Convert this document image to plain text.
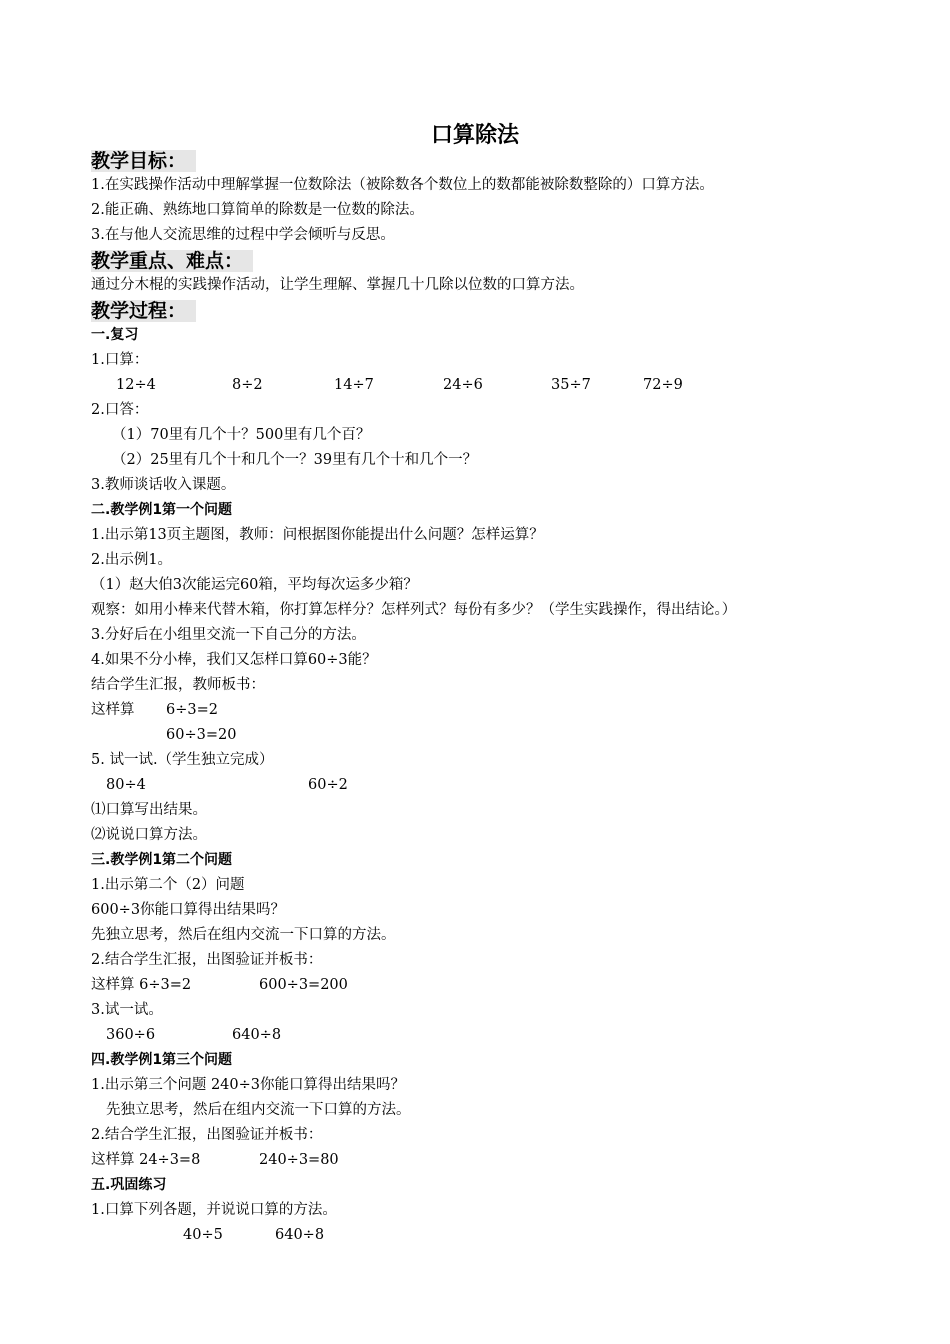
口算除法
教学目标：
1.在实践操作活动中理解掌握一位数除法（被除数各个数位上的数都能被除数整除的）口算方法。
2.能正确、熟练地口算简单的除数是一位数的除法。
3.在与他人交流思维的过程中学会倾听与反思。
教学重点、难点：
通过分木棍的实践操作活动，让学生理解、掌握几十几除以位数的口算方法。
教学过程：
一.复习
1.口算：
12÷4	8÷2	14÷7	24÷6	35÷7	72÷9
2.口答：
（1）70里有几个十？500里有几个百？
（2）25里有几个十和几个一？39里有几个十和几个一？
3.教师谈话收入课题。
二.教学例1第一个问题
1.出示第13页主题图，教师：问根据图你能提出什么问题？怎样运算？
2.出示例1。
（1）赵大伯3次能运完60箱，平均每次运多少箱？
观察：如用小棒来代替木箱，你打算怎样分？怎样列式？每份有多少？（学生实践操作，得出结论。）
3.分好后在小组里交流一下自己分的方法。
4.如果不分小棒，我们又怎样口算60÷3能？
结合学生汇报，教师板书：
这样算 6÷3=2
60÷3=20
5. 试一试.（学生独立完成）
80÷4	60÷2
⑴口算写出结果。
⑵说说口算方法。
三.教学例1第二个问题
1.出示第二个（2）问题
600÷3你能口算得出结果吗？
先独立思考，然后在组内交流一下口算的方法。
2.结合学生汇报，出图验证并板书：
这样算 6÷3=2	600÷3=200
3.试一试。
360÷6	640÷8
四.教学例1第三个问题
1.出示第三个问题 240÷3你能口算得出结果吗？
先独立思考，然后在组内交流一下口算的方法。
2.结合学生汇报，出图验证并板书：
这样算 24÷3=8	240÷3=80
五.巩固练习
1.口算下列各题，并说说口算的方法。
40÷5	640÷8
